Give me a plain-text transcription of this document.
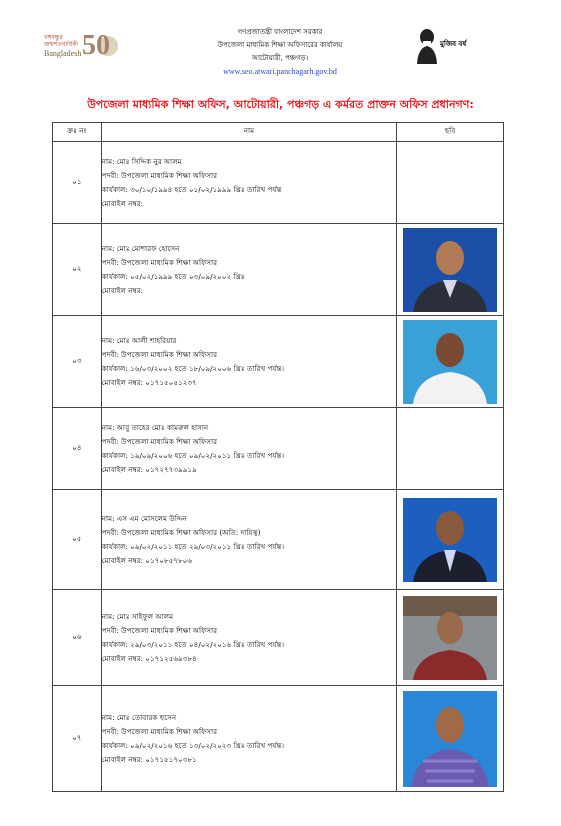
বঙ্গবন্ধুর জন্মশতবার্ষিকী
Bangladesh 50	গণপ্রজাতন্ত্রী বাংলাদেশ সরকার
উপজেলা মাধ্যমিক শিক্ষা অফিসারের কার্যালয়
আটোয়ারী, পঞ্চগড়।
www.seo.atwari.panchagarh.gov.bd
মুজিব বর্ষ
উপজেলা মাধ্যমিক শিক্ষা অফিস, আটোয়ারী, পঞ্চগড় এ কর্মরত প্রাক্তন অফিস প্রধানগণ:
ক্রঃ নং	নাম	ছবি
০১	নাম: মোঃ সিদ্দিক নুর আলম
পদবী: উপজেলা মাধ্যমিক শিক্ষা অফিসার
কার্যকাল: ৩০/১০/১৯৯৪ হতে ০১/০২/১৯৯৯ খ্রিঃ তারিখ পর্যন্ত
মোবাইল নম্বর:	

০২	নাম: মোঃ মোশারফ হোসেন
পদবী: উপজেলা মাধ্যমিক শিক্ষা অফিসার
কার্যকাল: ০৫/০২/১৯৯৯ হতে ০৩/০৯/২০০২ খ্রিঃ
মোবাইল নম্বর:

০৩	নাম: মোঃ আলী শাহরিয়ার
পদবী: উপজেলা মাধ্যমিক শিক্ষা অফিসার
কার্যকাল: ১৬/০৩/২০০২ হতে ১৮/০৯/২০০৬ খ্রিঃ তারিখ পর্যন্ত।
মোবাইল নম্বর: ০১৭১৫০৫১২৩৭

০৪	নাম: আবু তাহের মোঃ কামরুল হাসান
পদবী: উপজেলা মাধ্যমিক শিক্ষা অফিসার
কার্যকাল: ১৯/০৯/২০০৬ হতে ০৯/০২/২০১১ খ্রিঃ তারিখ পর্যন্ত।
মোবাইল নম্বর: ০১৭২৭৭৩৯৯১৯	

০৫	নাম: এস এম মোসলেম উদ্দিন
পদবী: উপজেলা মাধ্যমিক শিক্ষা অফিসার (অতি: দায়িত্ব)
কার্যকাল: ০৯/০২/২০১১ হতে ২৯/০৩/২০১১ খ্রিঃ তারিখ পর্যন্ত।
মোবাইল নম্বর: ০১৭০৮৫৭৮০৬

০৬	নাম: মোঃ সাইফুল আলম
পদবী: উপজেলা মাধ্যমিক শিক্ষা অফিসার
কার্যকাল: ২৯/০৩/২০১১ হতে ০৪/০২/২০১৬ খ্রিঃ তারিখ পর্যন্ত।
মোবাইল নম্বর: ০১৭১২৫৬৯৩৮৪

০৭	নাম: মোঃ তোবারক হুসেন
পদবী: উপজেলা মাধ্যমিক শিক্ষা অফিসার
কার্যকাল: ০৯/০২/২০১৬ হতে ১৩/০২/২০২৩ খ্রিঃ তারিখ পর্যন্ত।
মোবাইল নম্বর: ০১৭১৫১৭০৩৮১
